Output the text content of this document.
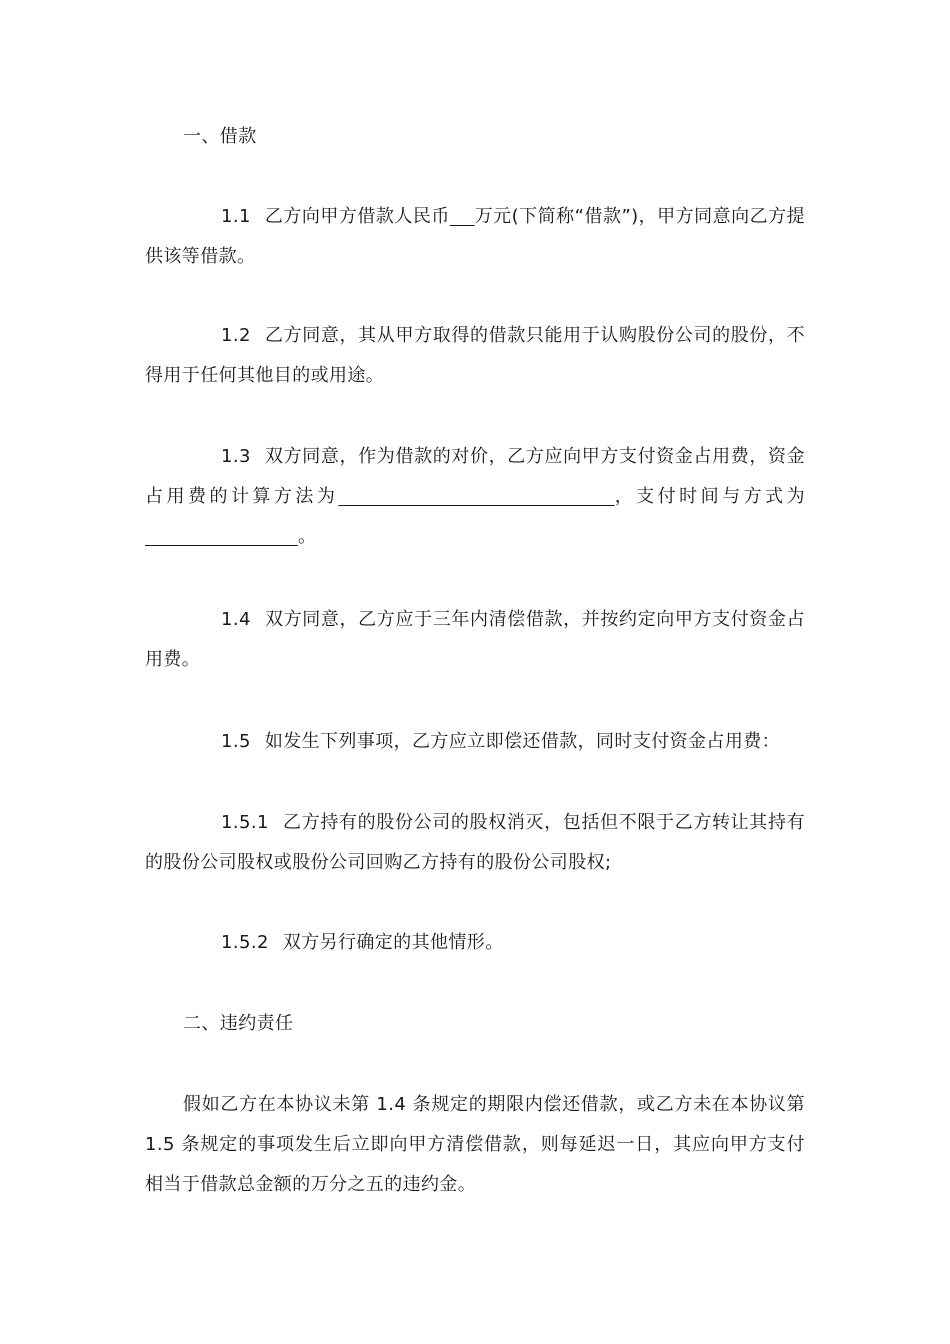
一、借款

1.1 乙方向甲方借款人民币 万元(下简称“借款”)，甲方同意向乙方提供该等借款。

1.2 乙方同意，其从甲方取得的借款只能用于认购股份公司的股份，不得用于任何其他目的或用途。

1.3 双方同意，作为借款的对价，乙方应向甲方支付资金占用费，资金占用费的计算方法为	，支付时间与方式为                         。

1.4 双方同意，乙方应于三年内清偿借款，并按约定向甲方支付资金占用费。

1.5 如发生下列事项，乙方应立即偿还借款，同时支付资金占用费：

1.5.1 乙方持有的股份公司的股权消灭，包括但不限于乙方转让其持有的股份公司股权或股份公司回购乙方持有的股份公司股权;

1.5.2 双方另行确定的其他情形。

二、违约责任

假如乙方在本协议未第 1.4 条规定的期限内偿还借款，或乙方未在本协议第 1.5 条规定的事项发生后立即向甲方清偿借款，则每延迟一日，其应向甲方支付相当于借款总金额的万分之五的违约金。
